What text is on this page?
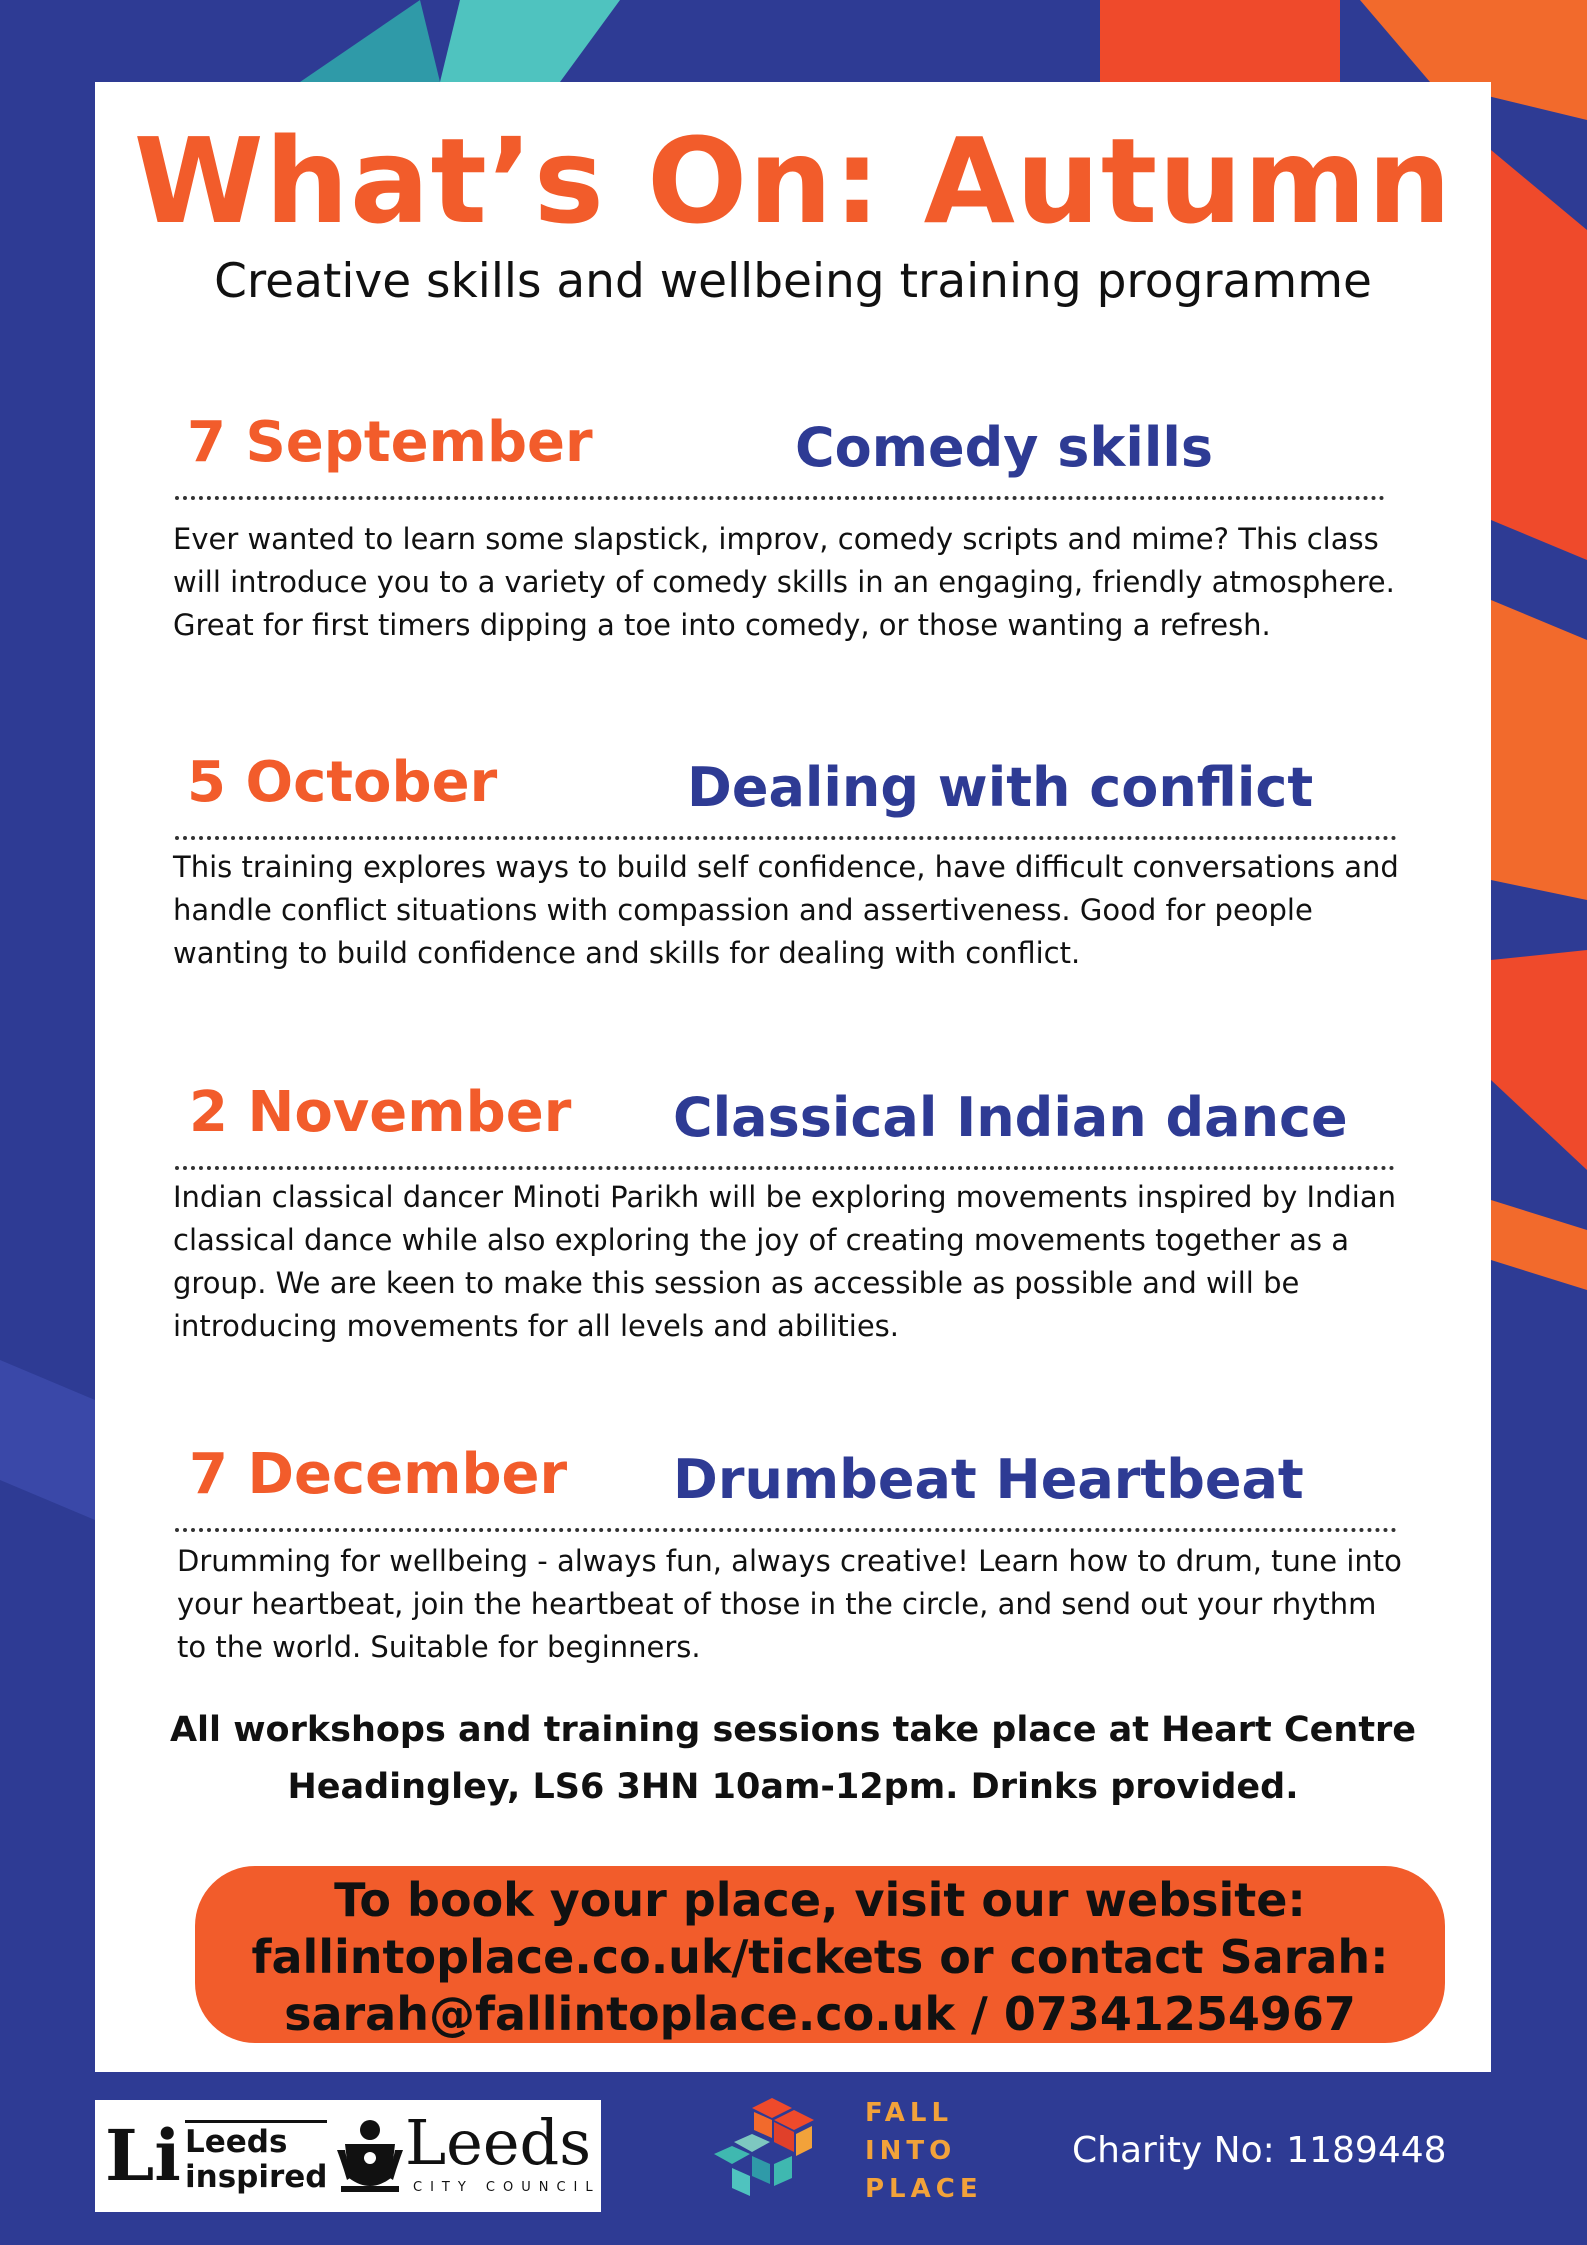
What’s On: Autumn
Creative skills and wellbeing training programme
7 September	Comedy skills
Ever wanted to learn some slapstick, improv, comedy scripts and mime? This class
will introduce you to a variety of comedy skills in an engaging, friendly atmosphere.
Great for first timers dipping a toe into comedy, or those wanting a refresh.
5 October	Dealing with conflict
This training explores ways to build self confidence, have difficult conversations and
handle conflict situations with compassion and assertiveness. Good for people
wanting to build confidence and skills for dealing with conflict.
2 November Classical Indian dance
Indian classical dancer Minoti Parikh will be exploring movements inspired by Indian
classical dance while also exploring the joy of creating movements together as a
group. We are keen to make this session as accessible as possible and will be
introducing movements for all levels and abilities.
7 December Drumbeat Heartbeat
Drumming for wellbeing - always fun, always creative! Learn how to drum, tune into
your heartbeat, join the heartbeat of those in the circle, and send out your rhythm
to the world. Suitable for beginners.
All workshops and training sessions take place at Heart Centre
Headingley, LS6 3HN 10am-12pm. Drinks provided.
To book your place, visit our website:
fallintoplace.co.uk/tickets or contact Sarah:
sarah@fallintoplace.co.uk / 07341254967
Li Leeds
inspired Leeds
CITY COUNCIL
FALL
INTO
PLACE
Charity No: 1189448
